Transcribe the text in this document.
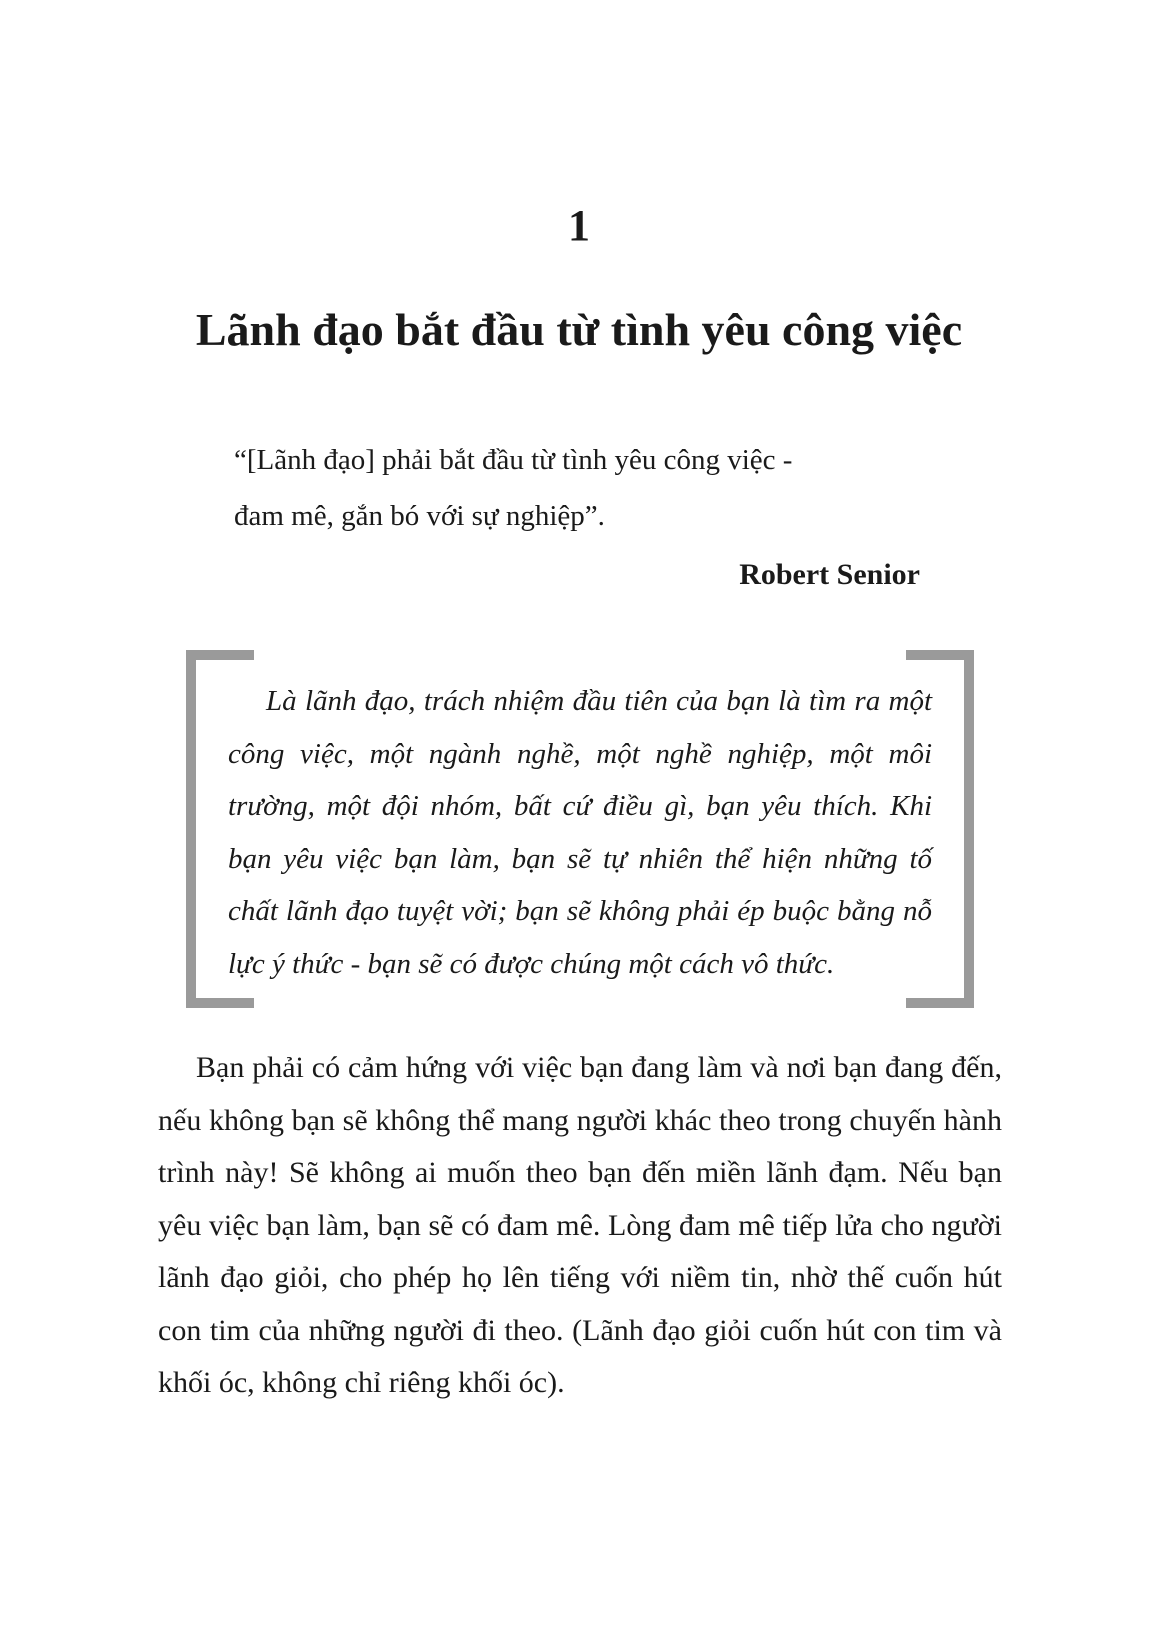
1
Lãnh đạo bắt đầu từ tình yêu công việc
“[Lãnh đạo] phải bắt đầu từ tình yêu công việc -
đam mê, gắn bó với sự nghiệp”.
Robert Senior

Là lãnh đạo, trách nhiệm đầu tiên của bạn là tìm ra một công việc, một ngành nghề, một nghề nghiệp, một môi trường, một đội nhóm, bất cứ điều gì, bạn yêu thích. Khi bạn yêu việc bạn làm, bạn sẽ tự nhiên thể hiện những tố chất lãnh đạo tuyệt vời; bạn sẽ không phải ép buộc bằng nỗ lực ý thức - bạn sẽ có được chúng một cách vô thức.

Bạn phải có cảm hứng với việc bạn đang làm và nơi bạn đang đến, nếu không bạn sẽ không thể mang người khác theo trong chuyến hành trình này! Sẽ không ai muốn theo bạn đến miền lãnh đạm. Nếu bạn yêu việc bạn làm, bạn sẽ có đam mê. Lòng đam mê tiếp lửa cho người lãnh đạo giỏi, cho phép họ lên tiếng với niềm tin, nhờ thế cuốn hút con tim của những người đi theo. (Lãnh đạo giỏi cuốn hút con tim và khối óc, không chỉ riêng khối óc).
